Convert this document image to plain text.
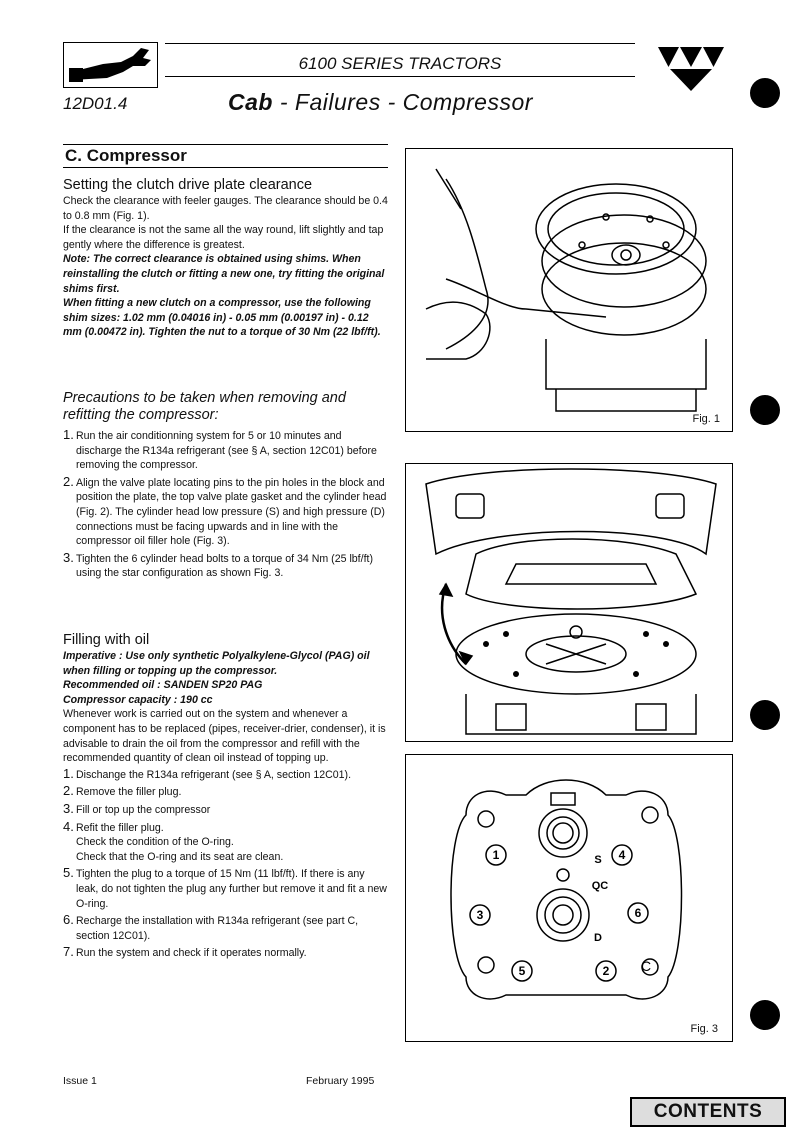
6100 SERIES TRACTORS
12D01.4	Cab - Failures - Compressor
C. Compressor

Setting the clutch drive plate clearance

Check the clearance with feeler gauges. The clearance should be 0.4 to 0.8 mm (Fig. 1).

If the clearance is not the same all the way round, lift slightly and tap gently where the difference is greatest.

Note: The correct clearance is obtained using shims. When reinstalling the clutch or fitting a new one, try fitting the original shims first.

When fitting a new clutch on a compressor, use the following shim sizes: 1.02 mm (0.04016 in) - 0.05 mm (0.00197 in) - 0.12 mm (0.00472 in). Tighten the nut to a torque of 30 Nm (22 lbf/ft).

Precautions to be taken when removing and refitting the compressor:

1. Run the air conditionning system for 5 or 10 minutes and discharge the R134a refrigerant (see § A, section 12C01) before removing the compressor.
2. Align the valve plate locating pins to the pin holes in the block and position the plate, the top valve plate gasket and the cylinder head (Fig. 2). The cylinder head low pressure (S) and high pressure (D) connections must be facing upwards and in line with the compressor oil filler hole (Fig. 3).
3. Tighten the 6 cylinder head bolts to a torque of 34 Nm (25 lbf/ft) using the star configuration as shown Fig. 3.

Filling with oil

Imperative : Use only synthetic Polyalkylene-Glycol (PAG) oil when filling or topping up the compressor.

Recommended oil : SANDEN SP20 PAG

Compressor capacity : 190 cc

Whenever work is carried out on the system and whenever a component has to be replaced (pipes, receiver-drier, condenser), it is advisable to drain the oil from the compressor and refill with the recommended quantity of clean oil instead of topping up.

1. Dischange the R134a refrigerant (see § A, section 12C01).
2. Remove the filler plug.
3. Fill or top up the compressor
4. Refit the filler plug.
Check the condition of the O-ring.
Check that the O-ring and its seat are clean.
5. Tighten the plug to a torque of 15 Nm (11 lbf/ft). If there is any leak, do not tighten the plug any further but remove it and fit a new O-ring.
6. Recharge the installation with R134a refrigerant (see part C, section 12C01).
7. Run the system and check if it operates normally.
Fig. 1
1
2
3
4
5
6
S
QC
D
C
Fig. 3
Issue 1	February 1995
CONTENTS
